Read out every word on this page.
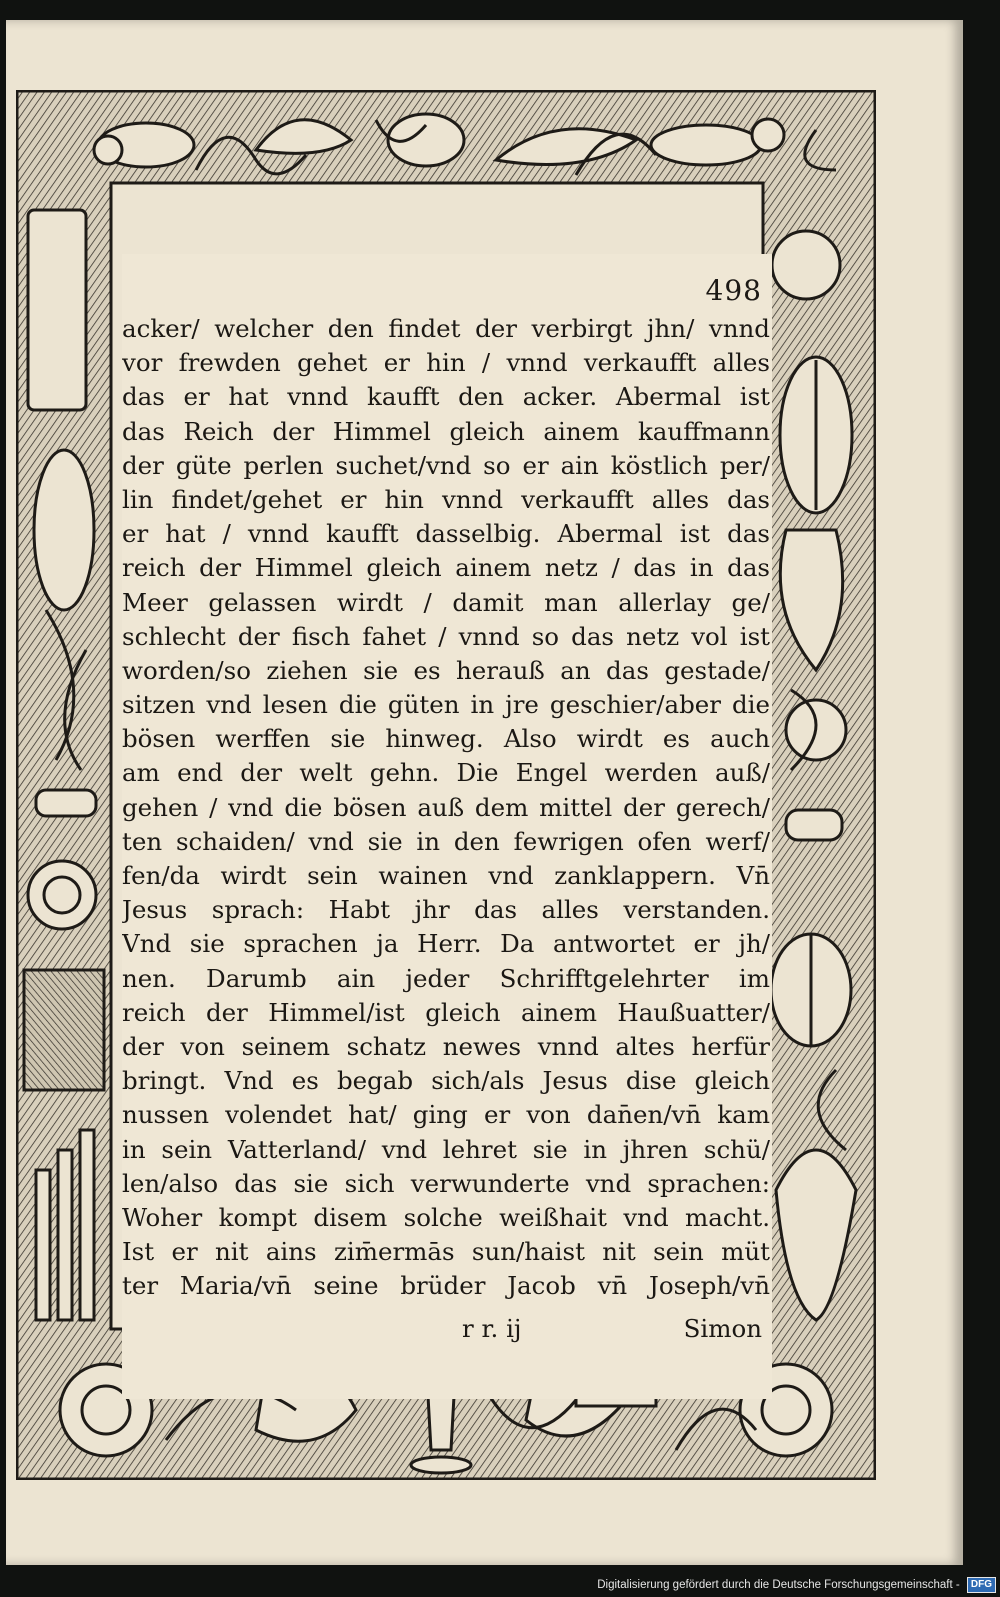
498
acker/ welcher den findet der verbirgt jhn/ vnnd
vor frewden gehet er hin / vnnd verkaufft alles
das er hat vnnd kaufft den acker. Abermal ist
das Reich der Himmel gleich ainem kauffmann
der güte perlen suchet/vnd so er ain köstlich per/
lin findet/gehet er hin vnnd verkaufft alles das
er hat / vnnd kaufft dasselbig. Abermal ist das
reich der Himmel gleich ainem netz / das in das
Meer gelassen wirdt / damit man allerlay ge/
schlecht der fisch fahet / vnnd so das netz vol ist
worden/so ziehen sie es herauß an das gestade/
sitzen vnd lesen die güten in jre geschier/aber die
bösen werffen sie hinweg. Also wirdt es auch
am end der welt gehn. Die Engel werden auß/
gehen / vnd die bösen auß dem mittel der gerech/
ten schaiden/ vnd sie in den fewrigen ofen werf/
fen/da wirdt sein wainen vnd zanklappern. Vn̄
Jesus sprach: Habt jhr das alles verstanden.
Vnd sie sprachen ja Herr. Da antwortet er jh/
nen. Darumb ain jeder Schrifftgelehrter im
reich der Himmel/ist gleich ainem Haußuatter/
der von seinem schatz newes vnnd altes herfür
bringt. Vnd es begab sich/als Jesus dise gleich
nussen volendet hat/ ging er von dan̄en/vn̄ kam
in sein Vatterland/ vnd lehret sie in jhren schü/
len/also das sie sich verwunderte vnd sprachen:
Woher kompt disem solche weißhait vnd macht.
Ist er nit ains zim̄ermās sun/haist nit sein müt
ter Maria/vn̄ seine brüder Jacob vn̄ Joseph/vn̄
r r. ij	Simon
Digitalisierung gefördert durch die Deutsche Forschungsgemeinschaft - DFG
